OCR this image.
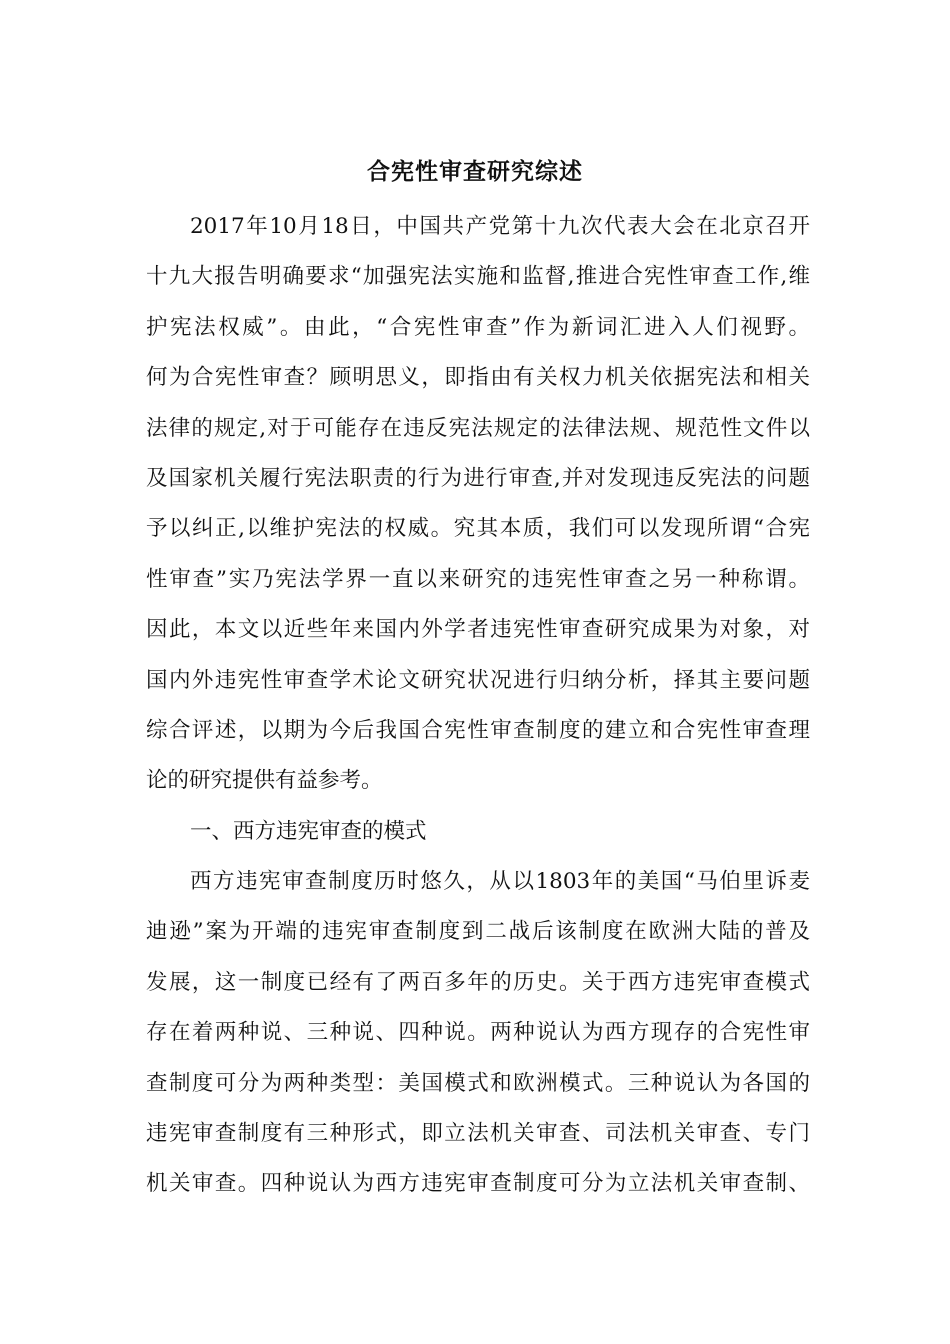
合宪性审查研究综述
2017年10月18日，中国共产党第十九次代表大会在北京召开
十九大报告明确要求“加强宪法实施和监督,推进合宪性审查工作,维
护宪法权威”。由此，“合宪性审查”作为新词汇进入人们视野。
何为合宪性审查？顾明思义，即指由有关权力机关依据宪法和相关
法律的规定,对于可能存在违反宪法规定的法律法规、规范性文件以
及国家机关履行宪法职责的行为进行审查,并对发现违反宪法的问题
予以纠正,以维护宪法的权威。究其本质，我们可以发现所谓“合宪
性审查”实乃宪法学界一直以来研究的违宪性审查之另一种称谓。
因此，本文以近些年来国内外学者违宪性审查研究成果为对象，对
国内外违宪性审查学术论文研究状况进行归纳分析，择其主要问题
综合评述，以期为今后我国合宪性审查制度的建立和合宪性审查理
论的研究提供有益参考。
一、西方违宪审查的模式
西方违宪审查制度历时悠久，从以1803年的美国“马伯里诉麦
迪逊”案为开端的违宪审查制度到二战后该制度在欧洲大陆的普及
发展，这一制度已经有了两百多年的历史。关于西方违宪审查模式
存在着两种说、三种说、四种说。两种说认为西方现存的合宪性审
查制度可分为两种类型：美国模式和欧洲模式。三种说认为各国的
违宪审查制度有三种形式，即立法机关审查、司法机关审查、专门
机关审查。四种说认为西方违宪审查制度可分为立法机关审查制、
